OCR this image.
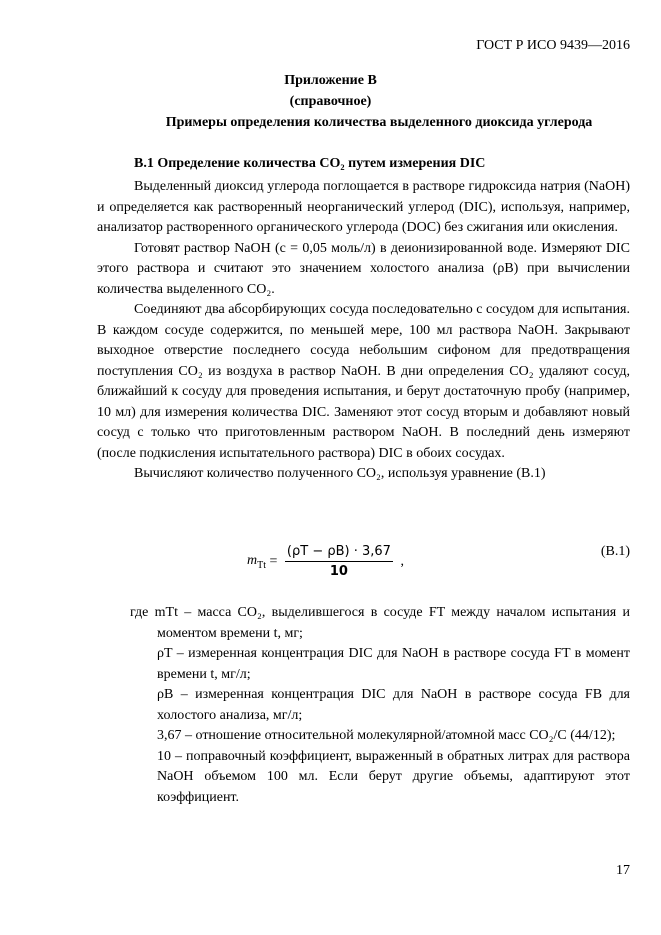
ГОСТ Р ИСО 9439—2016
Приложение В
(справочное)
Примеры определения количества выделенного диоксида углерода
В.1 Определение количества CO₂ путем измерения DIC

Выделенный диоксид углерода поглощается в растворе гидроксида натрия (NaOH) и определяется как растворенный неорганический углерод (DIC), используя, например, анализатор растворенного органического углерода (DOC) без сжигания или окисления.

Готовят раствор NaOH (c = 0,05 моль/л) в деионизированной воде. Измеряют DIC этого раствора и считают это значением холостого анализа (ρB) при вычислении количества выделенного CO₂.

Соединяют два абсорбирующих сосуда последовательно с сосудом для испытания. В каждом сосуде содержится, по меньшей мере, 100 мл раствора NaOH. Закрывают выходное отверстие последнего сосуда небольшим сифоном для предотвращения поступления CO₂ из воздуха в раствор NaOH. В дни определения CO₂ удаляют сосуд, ближайший к сосуду для проведения испытания, и берут достаточную пробу (например, 10 мл) для измерения количества DIC. Заменяют этот сосуд вторым и добавляют новый сосуд с только что приготовленным раствором NaOH. В последний день измеряют (после подкисления испытательного раствора) DIC в обоих сосудах.

Вычисляют количество полученного CO₂, используя уравнение (В.1)

$m_{Tt} = \frac{(\rho T - \rho B) \cdot 3,67}{10}$ ,
(В.1)

где mTt – масса CO₂, выделившегося в сосуде FT между началом испытания и моментом времени t, мг;

ρT – измеренная концентрация DIC для NaOH в растворе сосуда FT в момент времени t, мг/л;

ρB – измеренная концентрация DIC для NaOH в растворе сосуда FB для холостого анализа, мг/л;

3,67 – отношение относительной молекулярной/атомной масс CO₂/C (44/12);

10 – поправочный коэффициент, выраженный в обратных литрах для раствора NaOH объемом 100 мл. Если берут другие объемы, адаптируют этот коэффициент.

17
